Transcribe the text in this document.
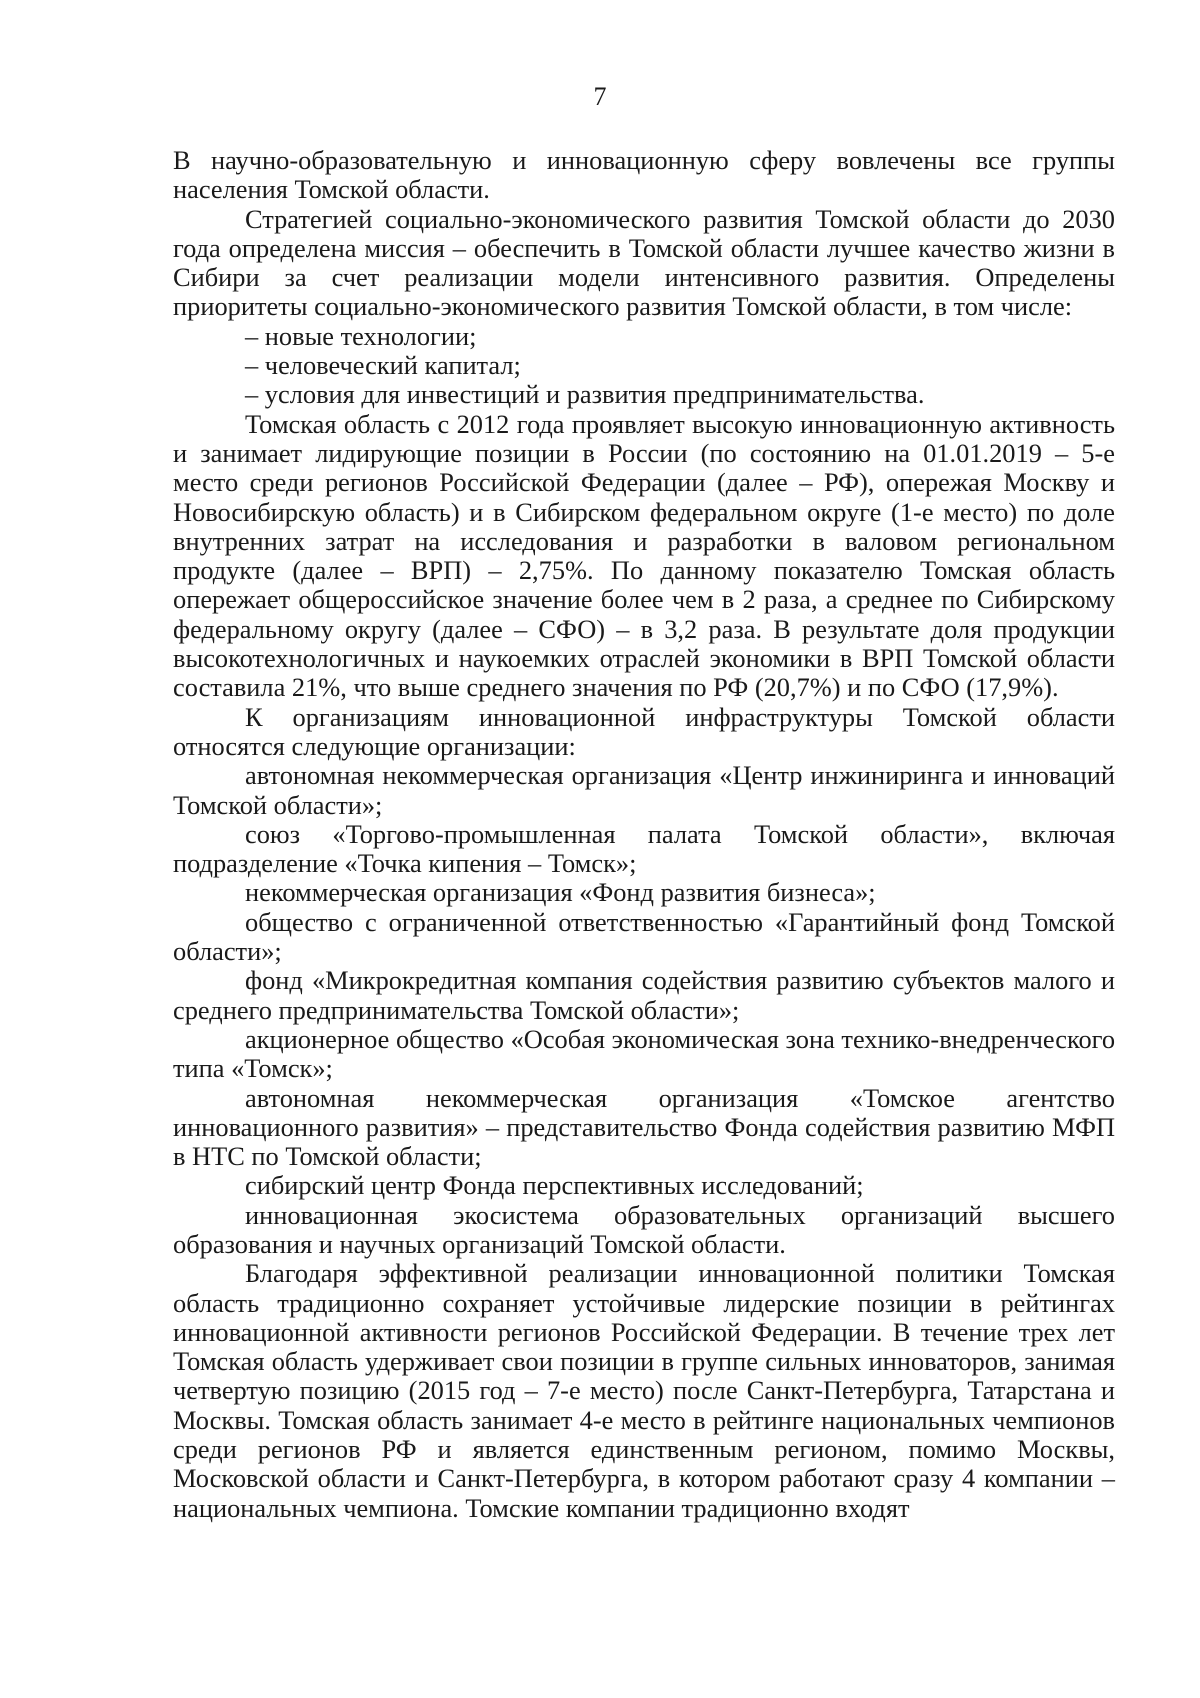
7

В научно-образовательную и инновационную сферу вовлечены все группы населения Томской области.

Стратегией социально-экономического развития Томской области до 2030 года определена миссия – обеспечить в Томской области лучшее качество жизни в Сибири за счет реализации модели интенсивного развития. Определены приоритеты социально-экономического развития Томской области, в том числе:

– новые технологии;

– человеческий капитал;

– условия для инвестиций и развития предпринимательства.

Томская область с 2012 года проявляет высокую инновационную активность и занимает лидирующие позиции в России (по состоянию на 01.01.2019 – 5-е место среди регионов Российской Федерации (далее – РФ), опережая Москву и Новосибирскую область) и в Сибирском федеральном округе (1-е место) по доле внутренних затрат на исследования и разработки в валовом региональном продукте (далее – ВРП) – 2,75%. По данному показателю Томская область опережает общероссийское значение более чем в 2 раза, а среднее по Сибирскому федеральному округу (далее – СФО) – в 3,2 раза. В результате доля продукции высокотехнологичных и наукоемких отраслей экономики в ВРП Томской области составила 21%, что выше среднего значения по РФ (20,7%) и по СФО (17,9%).

К организациям инновационной инфраструктуры Томской области относятся следующие организации:

автономная некоммерческая организация «Центр инжиниринга и инноваций Томской области»;

союз «Торгово-промышленная палата Томской области», включая подразделение «Точка кипения – Томск»;

некоммерческая организация «Фонд развития бизнеса»;

общество с ограниченной ответственностью «Гарантийный фонд Томской области»;

фонд «Микрокредитная компания содействия развитию субъектов малого и среднего предпринимательства Томской области»;

акционерное общество «Особая экономическая зона технико-внедренческого типа «Томск»;

автономная некоммерческая организация «Томское агентство инновационного развития» – представительство Фонда содействия развитию МФП в НТС по Томской области;

сибирский центр Фонда перспективных исследований;

инновационная экосистема образовательных организаций высшего образования и научных организаций Томской области.

Благодаря эффективной реализации инновационной политики Томская область традиционно сохраняет устойчивые лидерские позиции в рейтингах инновационной активности регионов Российской Федерации. В течение трех лет Томская область удерживает свои позиции в группе сильных инноваторов, занимая четвертую позицию (2015 год – 7-е место) после Санкт-Петербурга, Татарстана и Москвы. Томская область занимает 4-е место в рейтинге национальных чемпионов среди регионов РФ и является единственным регионом, помимо Москвы, Московской области и Санкт-Петербурга, в котором работают сразу 4 компании – национальных чемпиона. Томские компании традиционно входят
